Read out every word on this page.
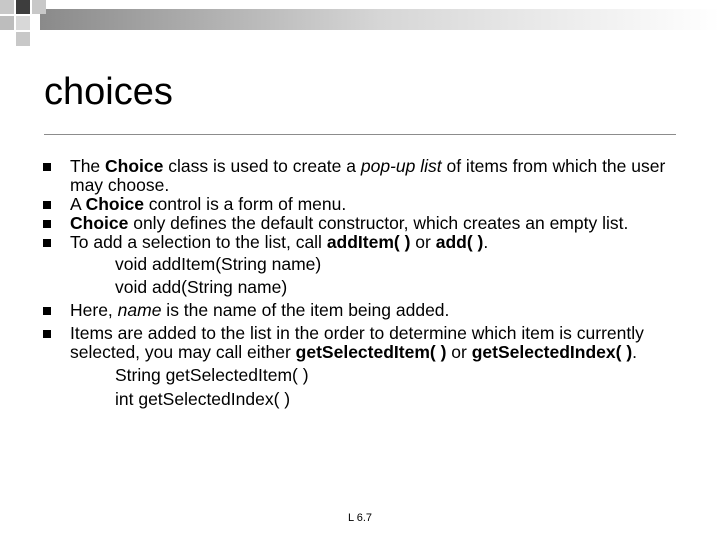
choices
The Choice class is used to create a pop-up list of items from which the user may choose.
A Choice control is a form of menu.
Choice only defines the default constructor, which creates an empty list.
To add a selection to the list, call addItem( ) or add( ).
void addItem(String name)
void add(String name)
Here, name is the name of the item being added.
Items are added to the list in the order to determine which item is currently selected, you may call either getSelectedItem( ) or getSelectedIndex( ).
String getSelectedItem( )
int getSelectedIndex( )
L 6.7
